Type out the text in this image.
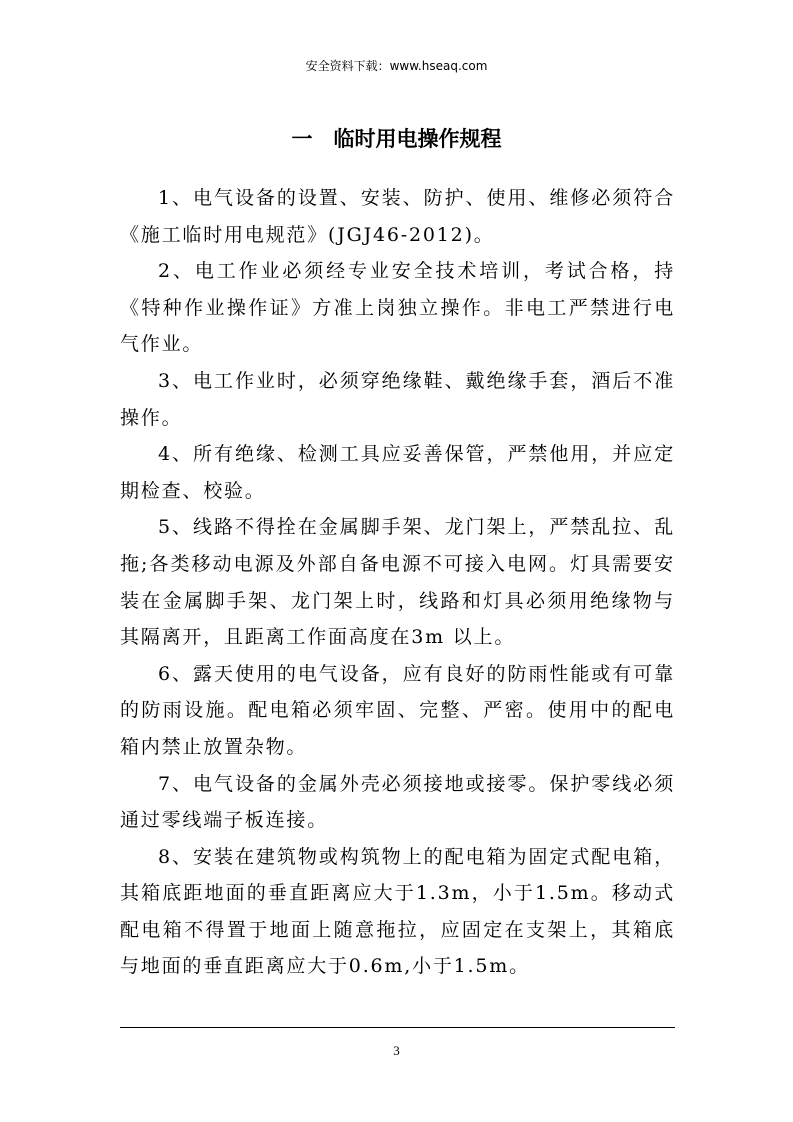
安全资料下载：www.hseaq.com
一　临时用电操作规程

1、电气设备的设置、安装、防护、使用、维修必须符合《施工临时用电规范》(JGJ46-2012)。

2、电工作业必须经专业安全技术培训，考试合格，持《特种作业操作证》方准上岗独立操作。非电工严禁进行电气作业。

3、电工作业时，必须穿绝缘鞋、戴绝缘手套，酒后不准操作。

4、所有绝缘、检测工具应妥善保管，严禁他用，并应定期检查、校验。

5、线路不得拴在金属脚手架、龙门架上，严禁乱拉、乱拖;各类移动电源及外部自备电源不可接入电网。灯具需要安装在金属脚手架、龙门架上时，线路和灯具必须用绝缘物与其隔离开，且距离工作面高度在3m 以上。

6、露天使用的电气设备，应有良好的防雨性能或有可靠的防雨设施。配电箱必须牢固、完整、严密。使用中的配电箱内禁止放置杂物。

7、电气设备的金属外壳必须接地或接零。保护零线必须通过零线端子板连接。

8、安装在建筑物或构筑物上的配电箱为固定式配电箱，其箱底距地面的垂直距离应大于1.3m，小于1.5m。移动式配电箱不得置于地面上随意拖拉，应固定在支架上，其箱底与地面的垂直距离应大于0.6m,小于1.5m。

3
